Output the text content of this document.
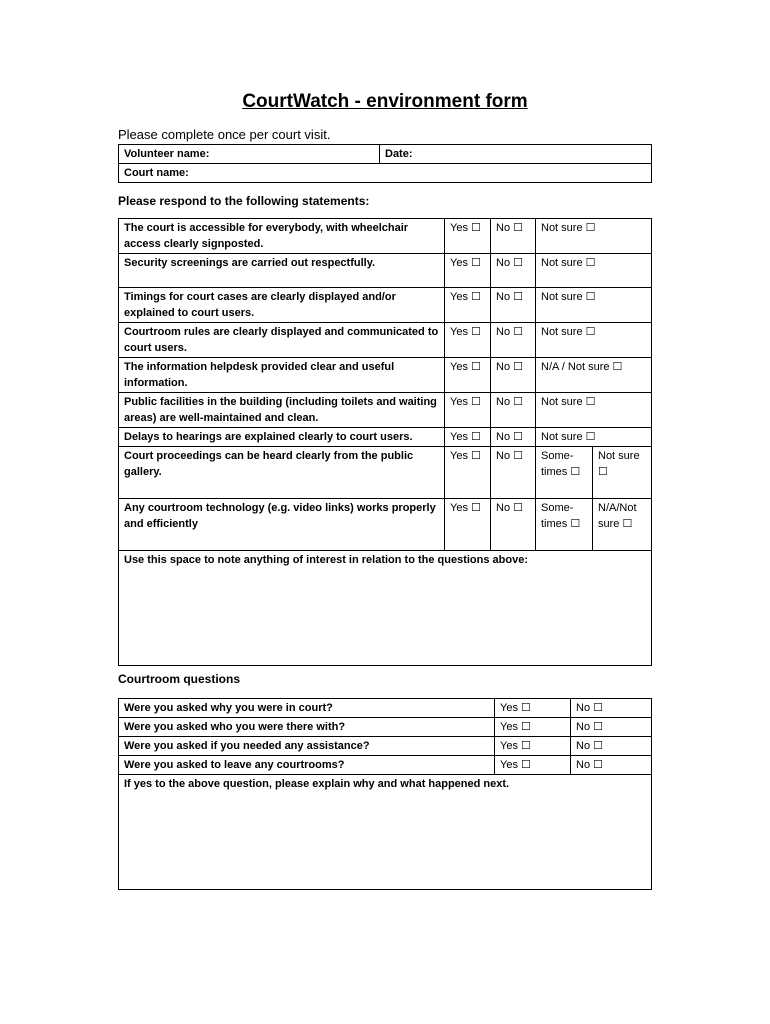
CourtWatch - environment form
Please complete once per court visit.
Volunteer name:	Date:
Court name:
Please respond to the following statements:
The court is accessible for everybody, with wheelchair access clearly signposted.	Yes ☐	No ☐	Not sure ☐	
Security screenings are carried out respectfully.	Yes ☐	No ☐	Not sure ☐	
Timings for court cases are clearly displayed and/or explained to court users.	Yes ☐	No ☐	Not sure ☐	
Courtroom rules are clearly displayed and communicated to court users.	Yes ☐	No ☐	Not sure ☐	
The information helpdesk provided clear and useful information.	Yes ☐	No ☐	N/A / Not sure ☐	
Public facilities in the building (including toilets and waiting areas) are well-maintained and clean.	Yes ☐	No ☐	Not sure ☐	
Delays to hearings are explained clearly to court users.	Yes ☐	No ☐	Not sure ☐	
Court proceedings can be heard clearly from the public gallery.	Yes ☐	No ☐	Some-times ☐	Not sure ☐
Any courtroom technology (e.g. video links) works properly and efficiently	Yes ☐	No ☐	Some-times ☐	N/A/Not sure ☐
Use this space to note anything of interest in relation to the questions above:				
Courtroom questions
Were you asked why you were in court?	Yes ☐	No ☐
Were you asked who you were there with?	Yes ☐	No ☐
Were you asked if you needed any assistance?	Yes ☐	No ☐
Were you asked to leave any courtrooms?	Yes ☐	No ☐
If yes to the above question, please explain why and what happened next.		
